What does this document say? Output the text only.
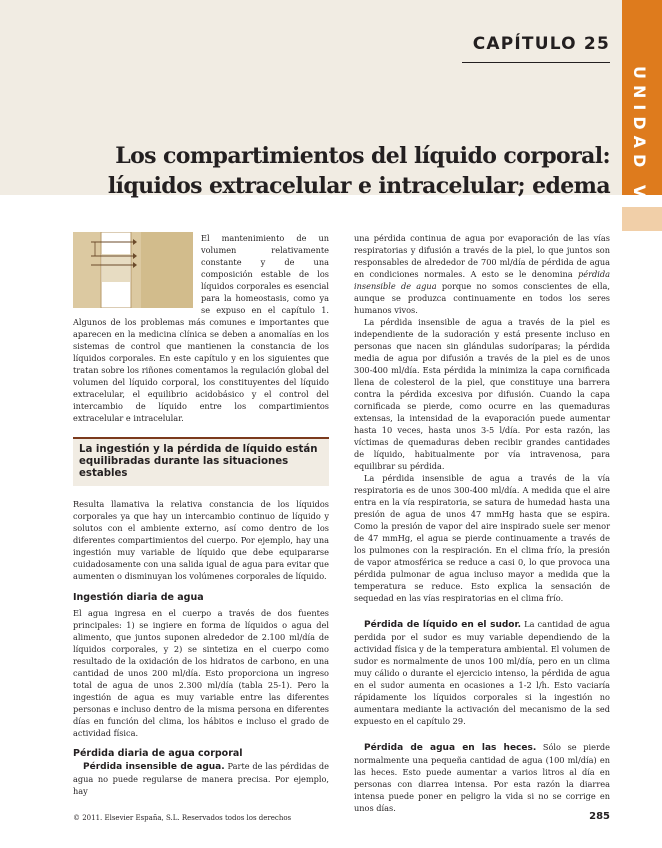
UNIDAD V
CAPÍTULO 25
Los compartimientos del líquido corporal:
líquidos extracelular e intracelular; edema

El mantenimiento de un volumen relativamente constante y de una composición estable de los líquidos corporales es esencial para la homeostasis, como ya se expuso en el capítulo 1. Algunos de los problemas más comunes e importantes que aparecen en la medicina clínica se deben a anomalías en los sistemas de control que mantienen la constancia de los líquidos corporales. En este capítulo y en los siguientes que tratan sobre los riñones comentamos la regulación global del volumen del líquido corporal, los constituyentes del líquido extracelular, el equilibrio acidobásico y el control del intercambio de líquido entre los compartimientos extracelular e intracelular.

La ingestión y la pérdida de líquido están equilibradas durante las situaciones estables

Resulta llamativa la relativa constancia de los líquidos corporales ya que hay un intercambio continuo de líquido y solutos con el ambiente externo, así como dentro de los diferentes compartimientos del cuerpo. Por ejemplo, hay una ingestión muy variable de líquido que debe equipararse cuidadosamente con una salida igual de agua para evitar que aumenten o disminuyan los volúmenes corporales de líquido.

Ingestión diaria de agua

El agua ingresa en el cuerpo a través de dos fuentes principales: 1) se ingiere en forma de líquidos o agua del alimento, que juntos suponen alrededor de 2.100 ml/día de líquidos corporales, y 2) se sintetiza en el cuerpo como resultado de la oxidación de los hidratos de carbono, en una cantidad de unos 200 ml/día. Esto proporciona un ingreso total de agua de unos 2.300 ml/día (tabla 25-1). Pero la ingestión de agua es muy variable entre las diferentes personas e incluso dentro de la misma persona en diferentes días en función del clima, los hábitos e incluso el grado de actividad física.

Pérdida diaria de agua corporal

Pérdida insensible de agua. Parte de las pérdidas de agua no puede regularse de manera precisa. Por ejemplo, hay

una pérdida continua de agua por evaporación de las vías respiratorias y difusión a través de la piel, lo que juntos son responsables de alrededor de 700 ml/día de pérdida de agua en condiciones normales. A esto se le denomina pérdida insensible de agua porque no somos conscientes de ella, aunque se produzca continuamente en todos los seres humanos vivos.

La pérdida insensible de agua a través de la piel es independiente de la sudoración y está presente incluso en personas que nacen sin glándulas sudoríparas; la pérdida media de agua por difusión a través de la piel es de unos 300-400 ml/día. Esta pérdida la minimiza la capa cornificada llena de colesterol de la piel, que constituye una barrera contra la pérdida excesiva por difusión. Cuando la capa cornificada se pierde, como ocurre en las quemaduras extensas, la intensidad de la evaporación puede aumentar hasta 10 veces, hasta unos 3-5 l/día. Por esta razón, las víctimas de quemaduras deben recibir grandes cantidades de líquido, habitualmente por vía intravenosa, para equilibrar su pérdida.

La pérdida insensible de agua a través de la vía respiratoria es de unos 300-400 ml/día. A medida que el aire entra en la vía respiratoria, se satura de humedad hasta una presión de agua de unos 47 mmHg hasta que se espira. Como la presión de vapor del aire inspirado suele ser menor de 47 mmHg, el agua se pierde continuamente a través de los pulmones con la respiración. En el clima frío, la presión de vapor atmosférica se reduce a casi 0, lo que provoca una pérdida pulmonar de agua incluso mayor a medida que la temperatura se reduce. Esto explica la sensación de sequedad en las vías respiratorias en el clima frío.

Pérdida de líquido en el sudor. La cantidad de agua perdida por el sudor es muy variable dependiendo de la actividad física y de la temperatura ambiental. El volumen de sudor es normalmente de unos 100 ml/día, pero en un clima muy cálido o durante el ejercicio intenso, la pérdida de agua en el sudor aumenta en ocasiones a 1-2 l/h. Esto vaciaría rápidamente los líquidos corporales si la ingestión no aumentara mediante la activación del mecanismo de la sed expuesto en el capítulo 29.

Pérdida de agua en las heces. Sólo se pierde normalmente una pequeña cantidad de agua (100 ml/día) en las heces. Esto puede aumentar a varios litros al día en personas con diarrea intensa. Por esta razón la diarrea intensa puede poner en peligro la vida si no se corrige en unos días.

© 2011. Elsevier España, S.L. Reservados todos los derechos	285
